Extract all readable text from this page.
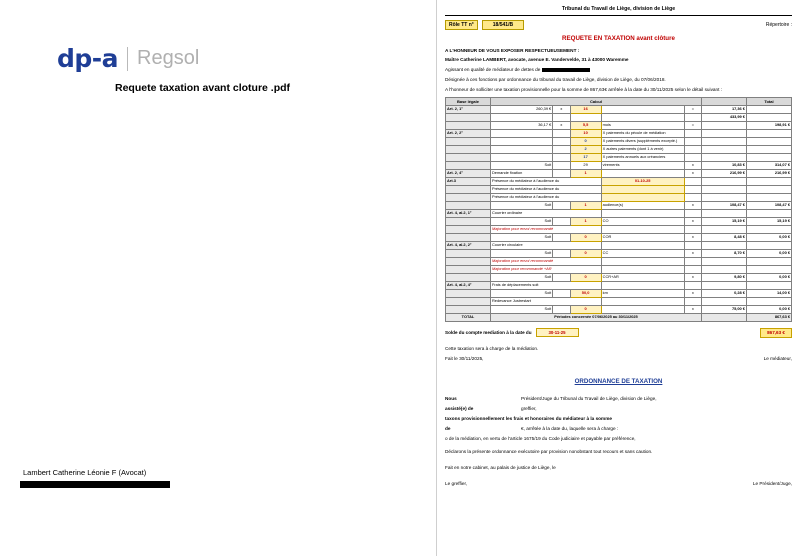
dp-a Regsol
Requete taxation avant cloture .pdf
Lambert Catherine Léonie F (Avocat)
Tribunal du Travail de Liège, division de Liège
Rôle TT n°	18/541/B	Répertoire :
REQUETE EN TAXATION avant clôture
A L'HONNEUR DE VOUS EXPOSER RESPECTUEUSEMENT :
Maître Catherine LAMBERT, avocate, avenue E. Vandervelde, 31 à 43000 Waremme
Agissant en qualité de médiateur de dettes de
Désignée à ces fonctions par ordonnance du tribunal du travail de Liège, division de Liège, du 07/06/2018.
A l'honneur de solliciter une taxation provisionnelle pour la somme de 867,63€ arrêtée à la date du 30/11/2025 selon le détail suivant :
Base légale	Calcul						Total
Art. 2, 1°	260,39 €	x	16		=	17,36 €	
						433,99 €	
	36,17 €	x	5,5	mois	=		198,91 €
Art. 2, 2°			10	X paiements du pécule de médiation			
			0	X paiements divers (suppléments excepté.)			
			2	X autres paiements (dont 1 à venir)			
			17	X paiements annuels aux créanciers			
	Soit		29	virements	x	10,83 €	314,07 €
Art. 2, 4°	Demande fixation		1		x	216,99 €	216,99 €
Art.3	Présence du médiateur à l'audience du			01-10-25			
	Présence du médiateur à l'audience du						
	Présence du médiateur à l'audience du						
	Soit		1	audience(s)	x	108,47 €	108,47 €
Art. 4, al.2, 1°	Courrier ordinaire						
	Soit		1	CO	x	15,19 €	15,19 €
	Majoration pour envoi recommandé						
	Soit		0	COR	x	8,48 €	0,00 €
Art. 4, al.2, 2°	Courrier circulaire						
	Soit		0	CC	x	8,70 €	0,00 €
	Majoration pour envoi recommandé						
	Majoration pour recommandé +AR						
	Soit		0	CCR+AR	x	9,80 €	0,00 €
Art. 4, al.2, 4°	Frais de déplacements soit						
	Soit		50,0	km	x	0,28 €	14,00 €
	Redevance Justrestart						
	Soit		0		x	75,00 €	0,00 €
TOTAL	Périodes concernée 07/06/2025 au 30/11/2025						867,63 €
Solde du compte mediation à la date du	30-11-25	867,63 €
Cette taxation sera à charge de la médiation.
Fait le 30/11/2025,	Le médiateur,
ORDONNANCE DE TAXATION
Nous	Président/Juge du Tribunal du Travail de Liège, division de Liège,
assisté(e) de	greffier,
taxons provisionnellement les frais et honoraires du médiateur à la somme
de	€, arrêtée à la date du, laquelle sera à charge :
o de la médiation, en vertu de l'article 1675/19 du Code judiciaire et payable par préférence,
Déclarons la présente ordonnance exécutoire par provision nonobstant tout recours et sans caution.
Fait en notre cabinet, au palais de justice de Liège, le
Le greffier,	Le Président/Juge,
